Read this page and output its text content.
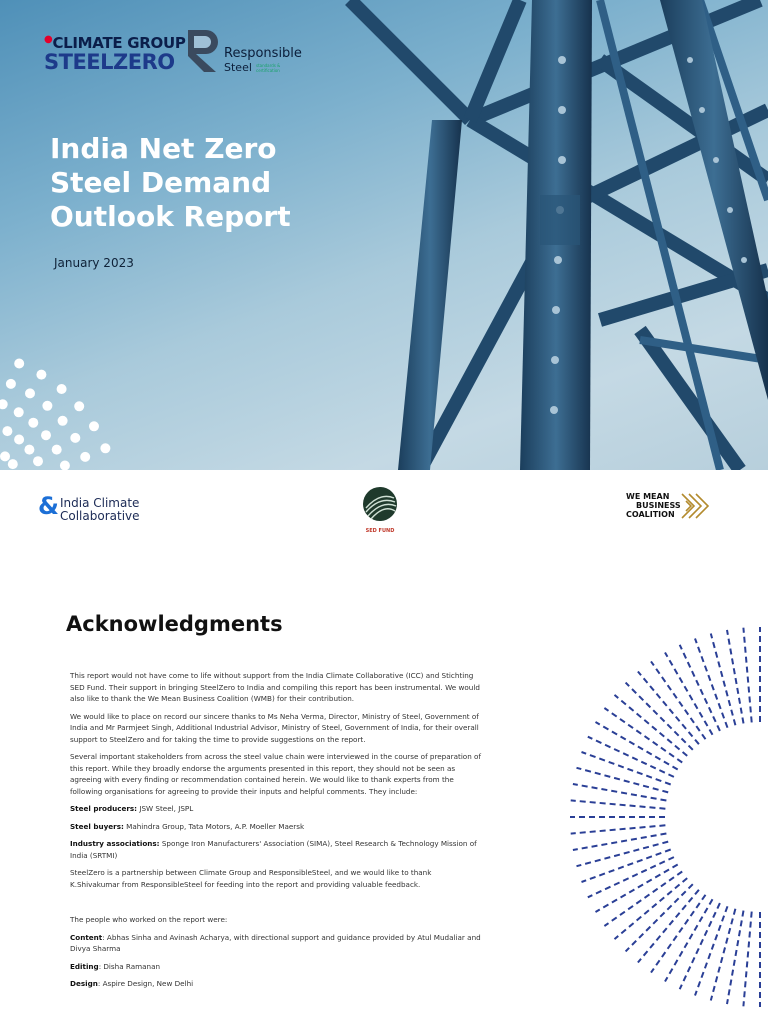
●CLIMATE GROUP
STEELZERO	Responsible
Steel standards & certification
India Net Zero
Steel Demand
Outlook Report
January 2023
& India Climate
Collaborative
SED FUND
WE MEAN
BUSINESS
COALITION
Acknowledgments

This report would not have come to life without support from the India Climate Collaborative (ICC) and Stichting SED Fund. Their support in bringing SteelZero to India and compiling this report has been instrumental. We would also like to thank the We Mean Business Coalition (WMB) for their contribution.

We would like to place on record our sincere thanks to Ms Neha Verma, Director, Ministry of Steel, Government of India and Mr Parmjeet Singh, Additional Industrial Advisor, Ministry of Steel, Government of India, for their overall support to SteelZero and for taking the time to provide suggestions on the report.

Several important stakeholders from across the steel value chain were interviewed in the course of preparation of this report. While they broadly endorse the arguments presented in this report, they should not be seen as agreeing with every finding or recommendation contained herein. We would like to thank experts from the following organisations for agreeing to provide their inputs and helpful comments. They include:

Steel producers: JSW Steel, JSPL

Steel buyers: Mahindra Group, Tata Motors, A.P. Moeller Maersk

Industry associations: Sponge Iron Manufacturers' Association (SIMA), Steel Research & Technology Mission of India (SRTMI)

SteelZero is a partnership between Climate Group and ResponsibleSteel, and we would like to thank K.Shivakumar from ResponsibleSteel for feeding into the report and providing valuable feedback.

The people who worked on the report were:

Content: Abhas Sinha and Avinash Acharya, with directional support and guidance provided by Atul Mudaliar and Divya Sharma

Editing: Disha Ramanan

Design: Aspire Design, New Delhi
